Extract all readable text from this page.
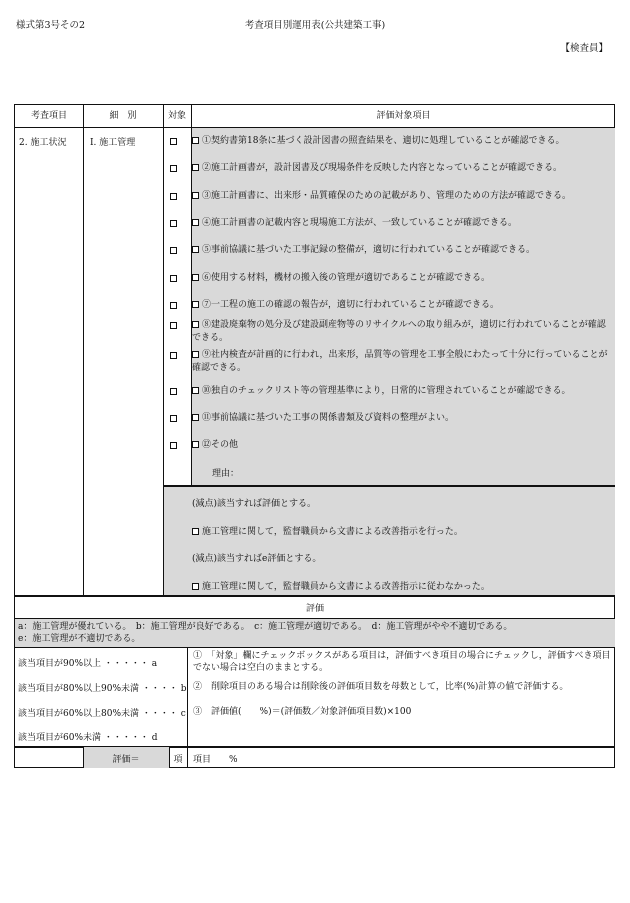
様式第3号その2	考査項目別運用表(公共建築工事)
【検査員】
考査項目	細　別	対象	評価対象項目
2. 施工状況	Ⅰ. 施工管理	①契約書第18条に基づく設計図書の照査結果を、適切に処理していることが確認できる。
②施工計画書が，設計図書及び現場条件を反映した内容となっていることが確認できる。
③施工計画書に、出来形・品質確保のための記載があり、管理のための方法が確認できる。
④施工計画書の記載内容と現場施工方法が、一致していることが確認できる。
⑤事前協議に基づいた工事記録の整備が，適切に行われていることが確認できる。
⑥使用する材料，機材の搬入後の管理が適切であることが確認できる。
⑦一工程の施工の確認の報告が，適切に行われていることが確認できる。
⑧建設廃棄物の処分及び建設副産物等のリサイクルへの取り組みが，適切に行われていることが確認できる。
⑨社内検査が計画的に行われ，出来形，品質等の管理を工事全般にわたって十分に行っていることが確認できる。
⑩独自のチェックリスト等の管理基準により，日常的に管理されていることが確認できる。
⑪事前協議に基づいた工事の関係書類及び資料の整理がよい。
⑫その他
理由：
(減点)該当すれば評価とする。
施工管理に関して，監督職員から文書による改善指示を行った。
(減点)該当すればe評価とする。
施工管理に関して，監督職員から文書による改善指示に従わなかった。
評価
a：施工管理が優れている。　b：施工管理が良好である。　c：施工管理が適切である。　d：施工管理がやや不適切である。
e：施工管理が不適切である。
該当項目が90%以上 ・・・・・ a
該当項目が80%以上90%未満 ・・・・ b
該当項目が60%以上80%未満 ・・・・ c
該当項目が60%未満 ・・・・・ d
①　「対象」欄にチェックボックスがある項目は，評価すべき項目の場合にチェックし，評価すべき項目でない場合は空白のままとする。
②　削除項目のある場合は削除後の評価項目数を母数として，比率(%)計算の値で評価する。
③　評価値(　　%)＝(評価数／対象評価項目数)×100
評価＝	項	項目　　%
